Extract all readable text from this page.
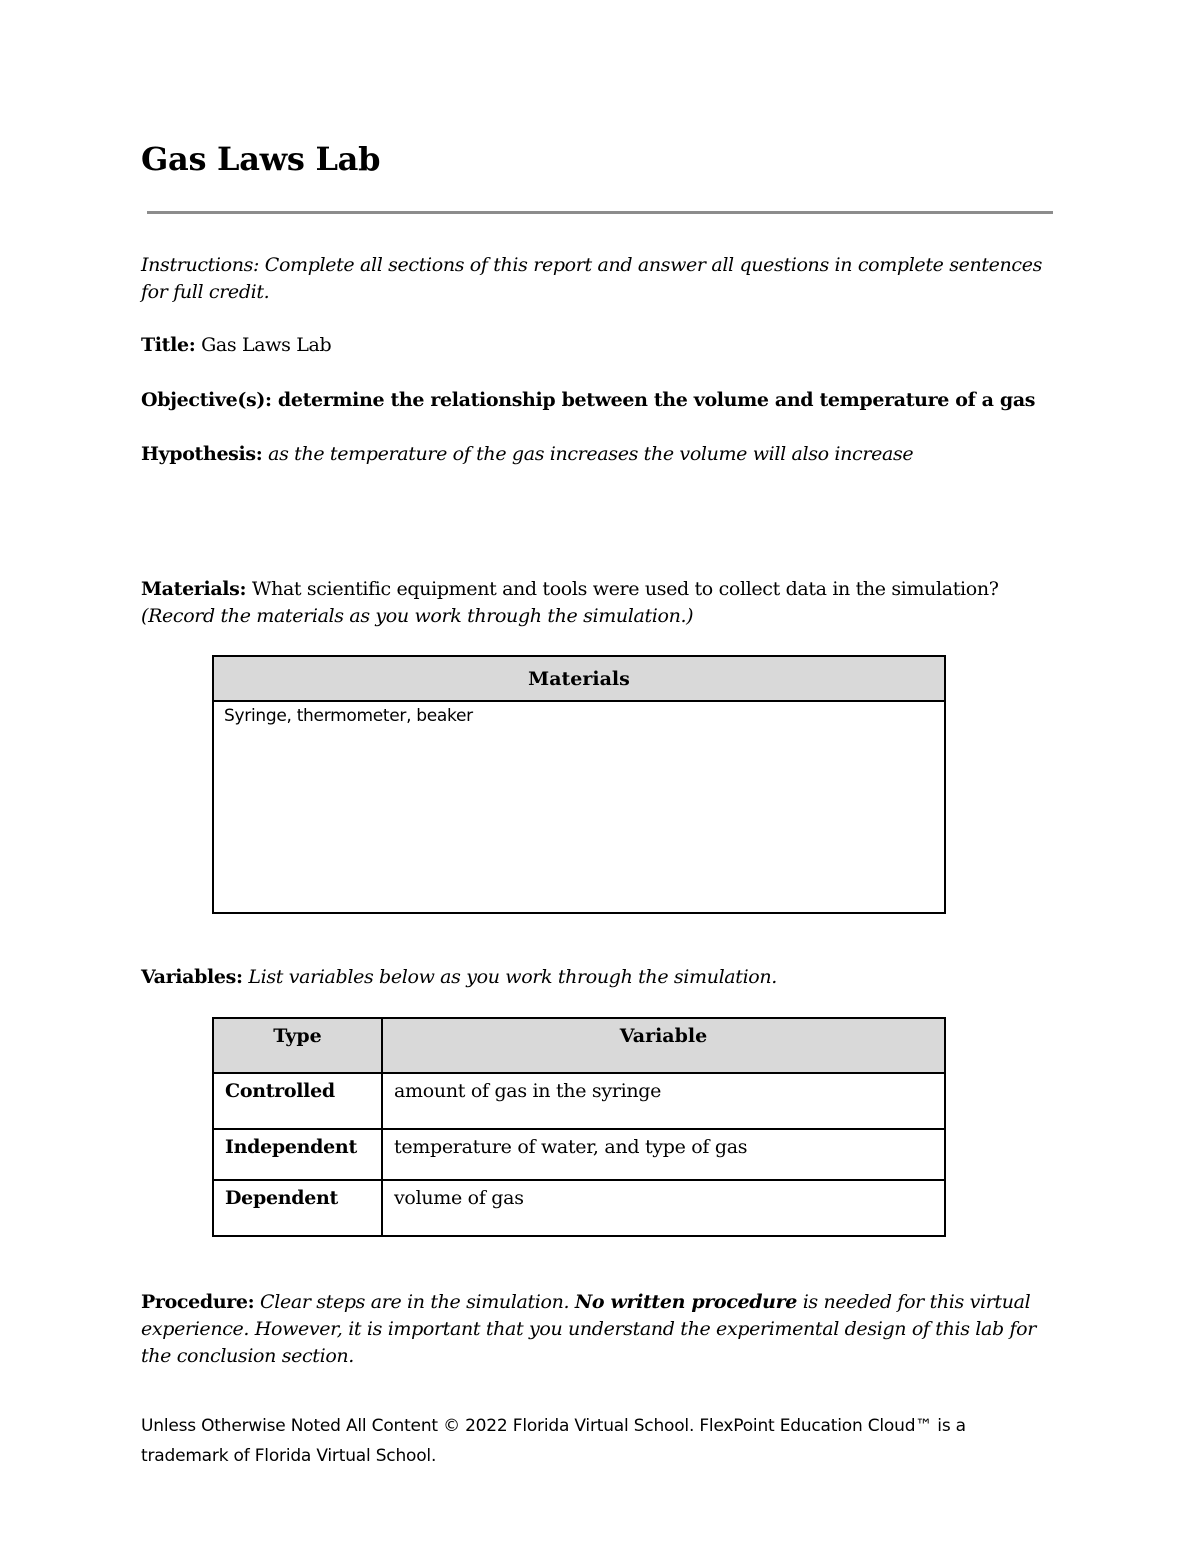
Gas Laws Lab
Instructions: Complete all sections of this report and answer all questions in complete sentences
for full credit.
Title: Gas Laws Lab
Objective(s): determine the relationship between the volume and temperature of a gas
Hypothesis: as the temperature of the gas increases the volume will also increase
Materials: What scientific equipment and tools were used to collect data in the simulation?
(Record the materials as you work through the simulation.)
Materials
Syringe, thermometer, beaker
Variables: List variables below as you work through the simulation.
Type	Variable
Controlled	amount of gas in the syringe
Independent	temperature of water, and type of gas
Dependent	volume of gas
Procedure: Clear steps are in the simulation. No written procedure is needed for this virtual
experience. However, it is important that you understand the experimental design of this lab for
the conclusion section.
Unless Otherwise Noted All Content © 2022 Florida Virtual School. FlexPoint Education Cloud™ is a
trademark of Florida Virtual School.
